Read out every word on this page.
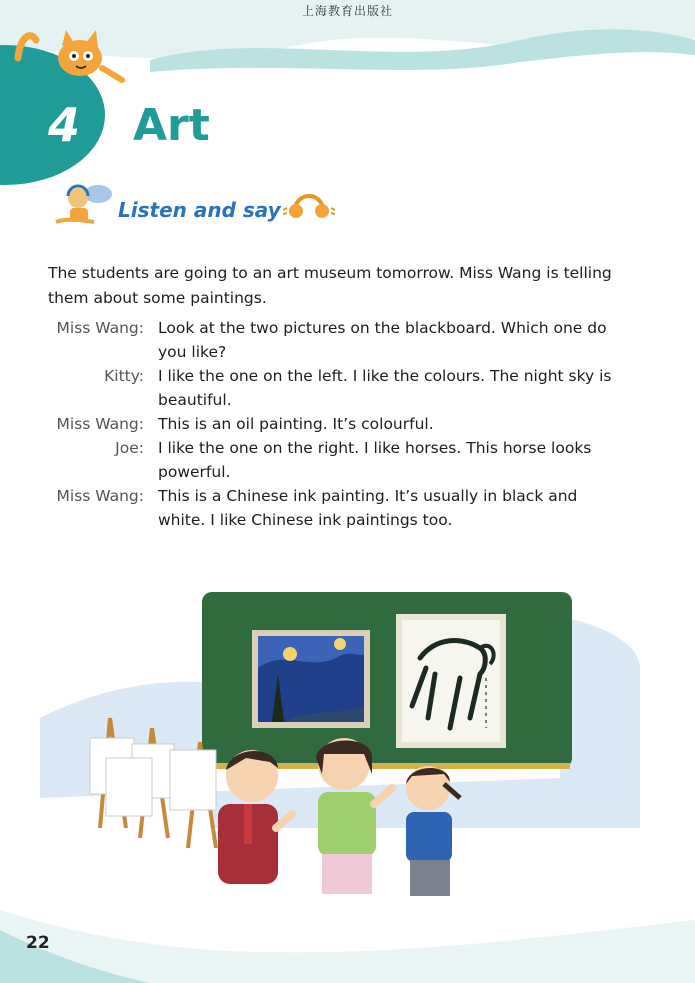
上海教育出版社
4 Art
Listen and say
The students are going to an art museum tomorrow. Miss Wang is telling them about some paintings.
Miss Wang: Look at the two pictures on the blackboard. Which one do you like?
Kitty: I like the one on the left. I like the colours. The night sky is beautiful.
Miss Wang: This is an oil painting. It’s colourful.
Joe: I like the one on the right. I like horses. This horse looks powerful.
Miss Wang: This is a Chinese ink painting. It’s usually in black and white. I like Chinese ink paintings too.
22
